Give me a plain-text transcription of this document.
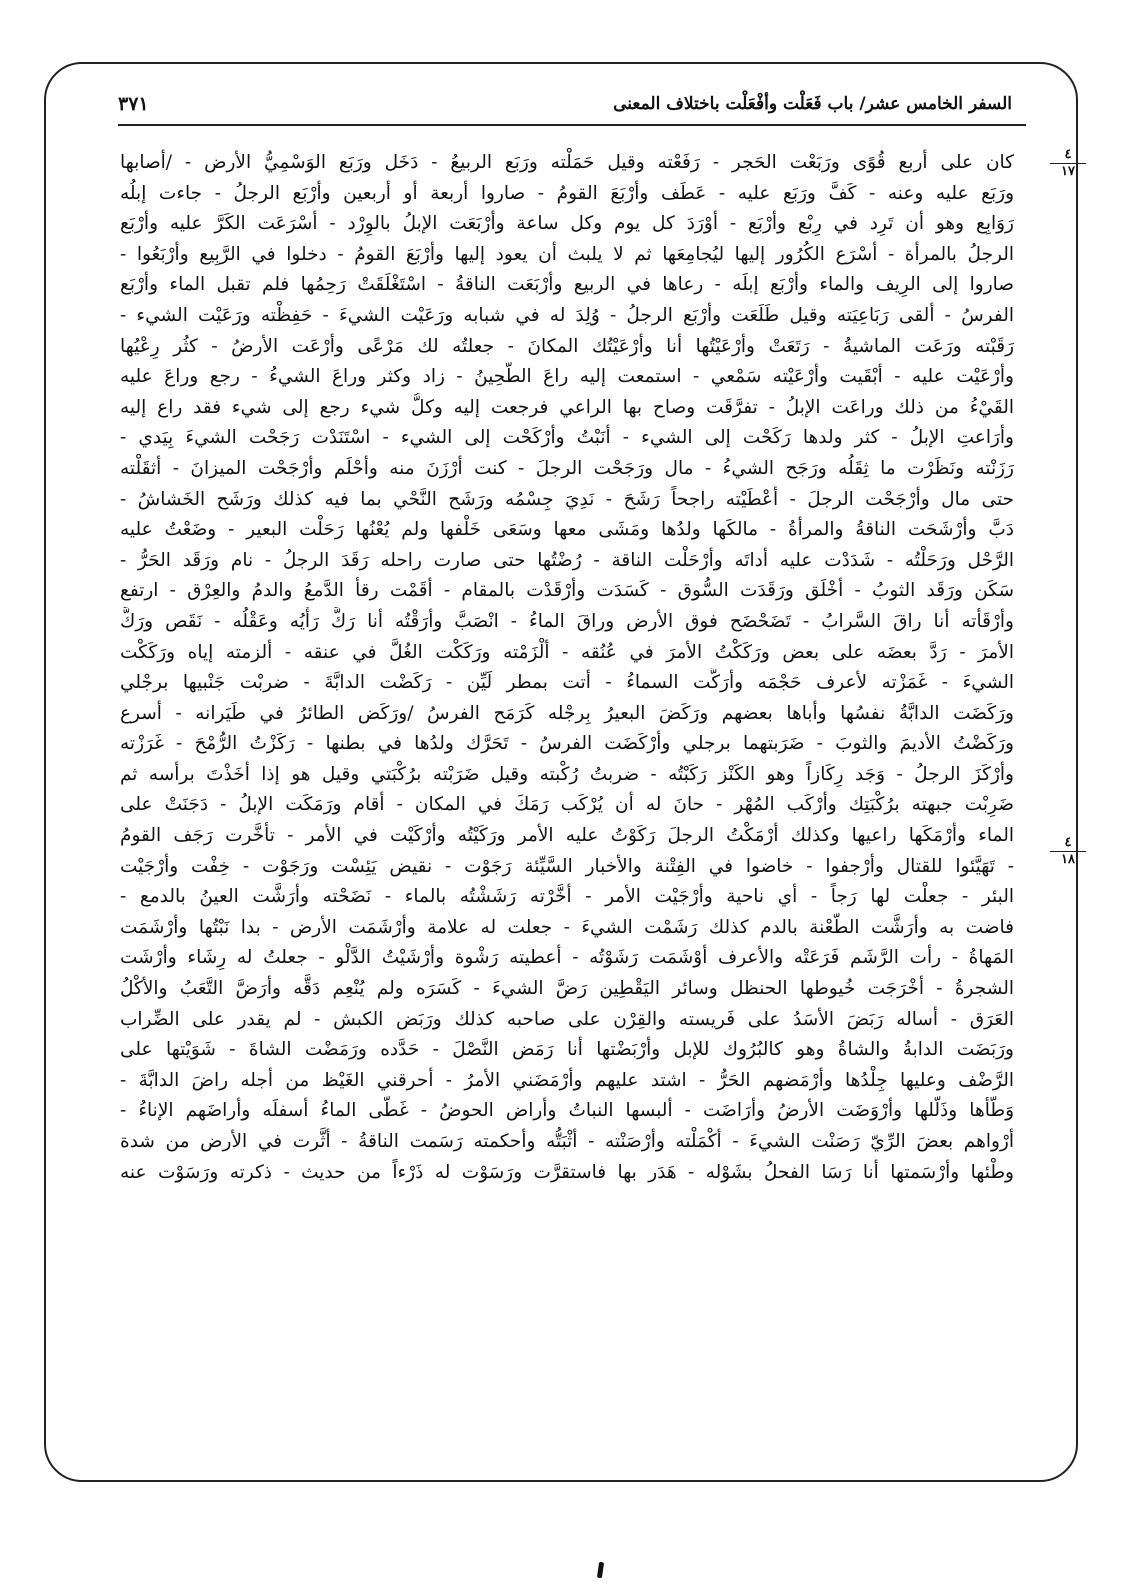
السفر الخامس عشر/ باب فَعَلْت وأفْعَلْت باختلاف المعنى
٣٧١
٤
١٧
٤
١٨
كان على أربع قُوًى ورَبَعْت الحَجر - رَفَعْته وقيل حَمَلْته ورَبَع الربيعُ - دَخَل ورَبَع الوَسْمِيُّ الأرض - /أصابها
ورَبَع عليه وعنه - كَفَّ ورَبَع عليه - عَطَف وأرْبَعَ القومُ - صاروا أربعة أو أربعين وأرْبَع الرجلُ - جاءت إبلُه
رَوَابِع وهو أن تَرِد في رِبْع وأرْبَع - أوْرَدَ كل يوم وكل ساعة وأرْبَعَت الإبلُ بالوِرْد - أسْرَعَت الكَرَّ عليه وأرْبَع
الرجلُ بالمرأة - أسْرَع الكُرُور إليها ليُجامِعَها ثم لا يلبث أن يعود إليها وأرْبَعَ القومُ - دخلوا في الرَّبِيع وأرْبَعُوا -
صاروا إلى الرِيف والماء وأرْبَع إبلَه - رعاها في الربيع وأرْبَعَت الناقةُ - اسْتَغْلَقَتْ رَحِمُها فلم تقبل الماء وأرْبَع
الفرسُ - ألقى رَبَاعِيَته وقيل طَلَعَت وأرْبَع الرجلُ - وُلِدَ له في شبابه ورَعَيْت الشيءَ - حَفِظْته ورَعَيْت الشيء -
رَقَبْته ورَعَت الماشيةُ - رَتَعَتْ وأرْعَيْتُها أنا وأرْعَيْتُك المكانَ - جعلتُه لك مَرْعًى وأرْعَت الأرضُ - كثُر رِعْيُها
وأرْعَيْت عليه - أبْقَيت وأرْعَيْته سَمْعي - استمعت إليه راعَ الطَّحِينُ - زاد وكثر وراعَ الشيءُ - رجع وراعَ عليه
القَيْءُ من ذلك وراعَت الإبلُ - تفرَّقَت وصاح بها الراعي فرجعت إليه وكلُّ شيء رجع إلى شيء فقد راع إليه
وأرَاعتِ الإبلُ - كثر ولدها رَكَحْت إلى الشيء - أنَبْتُ وأرْكَحْت إلى الشيء - اسْتَنَدْت رَجَحْت الشيءَ بِيَدي -
رَزَنْته ونَظَرْت ما ثِقَلُه ورَجَح الشيءُ - مال ورَجَحْت الرجلَ - كنت أرْزَنَ منه وأحْلَم وأرْجَحْت الميزانَ - أثقَلْته
حتى مال وأرْجَحْت الرجلَ - أعْطَيْته راجحاً رَشَحَ - نَدِيَ جِسْمُه ورَشَح النَّحْي بما فيه كذلك ورَشَح الخَشاشُ -
دَبَّ وأرْشَحَت الناقةُ والمرأةُ - مالكَها ولدُها ومَشَى معها وسَعَى خَلْفها ولم يُعْنُها رَحَلْت البعير - وضَعْتُ عليه
الرَّحْل ورَحَلْتُه - شَدَدْت عليه أداتَه وأرْحَلْت الناقة - رُضْتُها حتى صارت راحله رَقَدَ الرجلُ - نام ورَقَد الحَرُّ -
سَكَن ورَقَد الثوبُ - أخْلَق ورَقَدَت السُّوق - كَسَدَت وأرْقَدْت بالمقام - أقَمْت رقأ الدَّمعُ والدمُ والعِرْق - ارتفع
وأرْقَأته أنا راقَ السَّرابُ - تَضَحْضَح فوق الأرض وراقَ الماءُ - انْصَبَّ وأرَقْتُه أنا رَكَّ رَأْيُه وعَقْلُه - نَقَص ورَكَّ
الأمرَ - رَدَّ بعضَه على بعض ورَكَكْتُ الأمرَ في عُنُقه - ألْزَمْته ورَكَكْت الغُلَّ في عنقه - ألزمته إياه ورَكَكْت
الشيءَ - غَمَزْته لأعرف حَجْمَه وأرَكَّت السماءُ - أتت بمطر لَيِّن - رَكَضْت الدابَّةَ - ضربْت جَنْبيها برجْلي
ورَكَضَت الدابَّةُ نفسُها وأباها بعضهم ورَكَضَ البعيرُ بِرجْله كَرَمَح الفرسُ /ورَكَض الطائرُ في طَيَرانه - أسرع
ورَكَضْتُ الأديمَ والثوبَ - ضَرَبتهما برجلي وأرْكَضَت الفرسُ - تَحَرَّك ولدُها في بطنها - رَكَزْتُ الرُّمْحَ - غَرَزْته
وأرْكَزَ الرجلُ - وَجَد رِكَازاً وهو الكَنْز رَكَبْتُه - ضربتُ رُكْبته وقيل ضَرَبْته برُكْبَتي وقيل هو إذا أخَذْتَ برأسه ثم
ضَرِبْت جبهته برُكْبَتِك وأرْكَب المُهْر - حانَ له أن يُرْكَب رَمَكَ في المكان - أقام ورَمَكَت الإبلُ - دَجَنَتْ على
الماء وأرْمَكَها راعيها وكذلك أرْمَكْتُ الرجلَ رَكَوْتُ عليه الأمر ورَكَيْتُه وأرْكَيْت في الأمر - تأخَّرت رَجَف القومُ
- تَهَيَّئوا للقتال وأرْجفوا - خاضوا في الفِتْنة والأخبار السَّيِّئة رَجَوْت - نقيض يَئِسْت ورَجَوْت - خِفْت وأرْجَيْت
البئر - جعلْت لها رَجاً - أي ناحية وأرْجَيْت الأمر - أخَّرْته رَشَشْتُه بالماء - نَضَحْته وأرَشَّت العينُ بالدمع -
فاضت به وأرَشَّت الطَّعْنة بالدم كذلك رَشَمْت الشيءَ - جعلت له علامة وأرْشَمَت الأرض - بدا نَبْتُها وأرْشَمَت
المَهاةُ - رأت الرَّشَم فَرَعَتْه والأعرف أوْشَمَت رَشَوْتُه - أعطيته رَشْوة وأرْشَيْتُ الدَّلْو - جعلتُ له رِشَاء وأرْشَت
الشجرةُ - أخْرَجَت خُيوطها الحنظل وسائر اليَقْطِين رَضَّ الشيءَ - كَسَرَه ولم يُنْعِم دَقَّه وأرَضَّ التَّعَبُ والأكْلُ
العَرَق - أساله رَبَضَ الأسَدُ على فَريسته والقِرْن على صاحبه كذلك ورَبَض الكبش - لم يقدر على الضِّراب
ورَبَضَت الدابةُ والشاةُ وهو كالبُرُوك للإبل وأرْبَضْتها أنا رَمَض النَّصْلَ - حَدَّده ورَمَضْت الشاةَ - شَوَيْتها على
الرَّضْف وعليها جِلْدُها وأرْمَضهم الحَرُّ - اشتد عليهم وأرْمَضَني الأمرُ - أحرقني الغَيْظ من أجله راضَ الدابَّةَ -
وَطَّأها وذَلَّلها وأرْوَضَت الأرضُ وأرَاضَت - ألبسها النباتُ وأراض الحوضُ - غَطَّى الماءُ أسفلَه وأراضَهم الإناءُ -
أرْواهم بعضَ الرِّيّ رَصَنْت الشيءَ - أكْمَلْته وأرْصَنْته - أثْبَتُّه وأحكمته رَسَمت الناقةُ - أثَّرت في الأرض من شدة
وطْئها وأرْسَمتها أنا رَسَا الفحلُ بشَوْله - هَدَر بها فاستقرَّت ورَسَوْت له ذَرْءاً من حديث - ذكرته ورَسَوْت عنه
